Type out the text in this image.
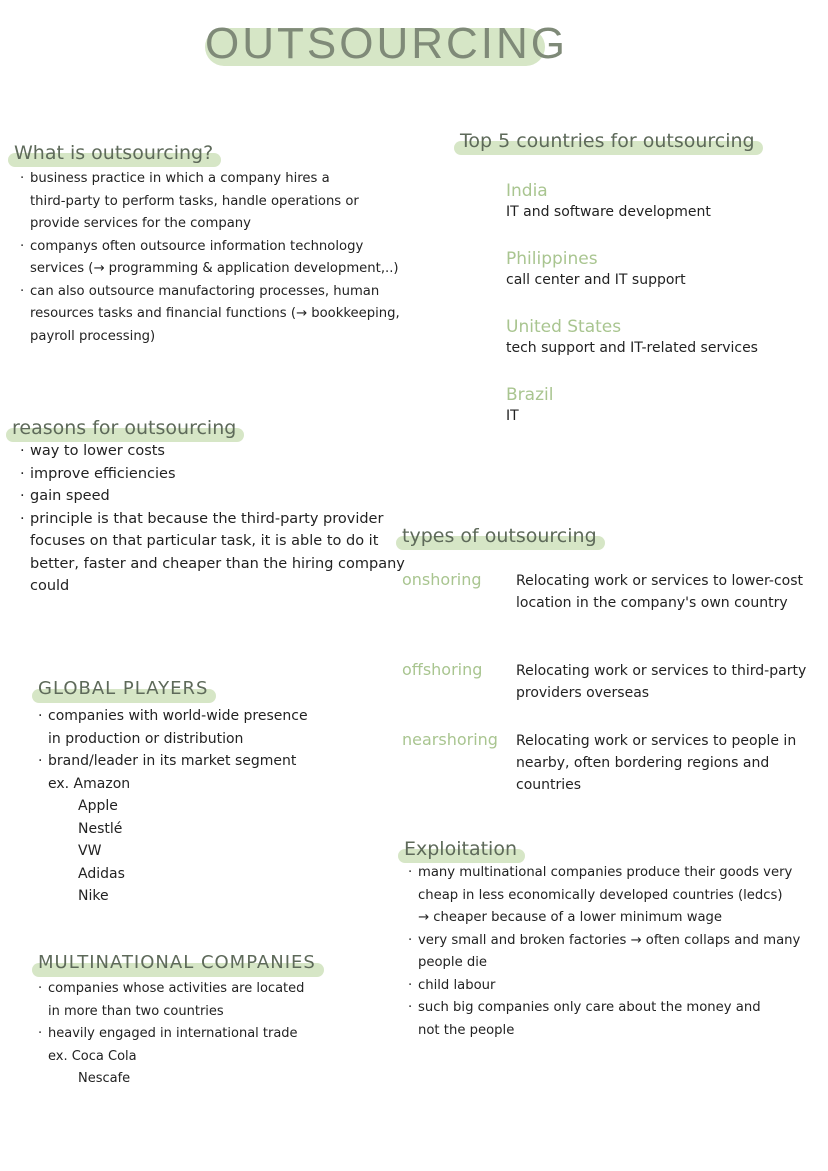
OUTSOURCING
What is outsourcing?
· business practice in which a company hires a
third-party to perform tasks, handle operations or
provide services for the company
· companys often outsource information technology
services (→ programming & application development,..)
· can also outsource manufactoring processes, human
resources tasks and financial functions (→ bookkeeping,
payroll processing)
reasons for outsourcing
· way to lower costs
· improve efficiencies
· gain speed
· principle is that because the third-party provider
focuses on that particular task, it is able to do it
better, faster and cheaper than the hiring company
could
GLOBAL PLAYERS
· companies with world-wide presence
in production or distribution
· brand/leader in its market segment
ex. Amazon
Apple
Nestlé
VW
Adidas
Nike
MULTINATIONAL COMPANIES
· companies whose activities are located
in more than two countries
· heavily engaged in international trade
ex. Coca Cola
Nescafe
Top 5 countries for outsourcing
India
IT and software development
Philippines
call center and IT support
United States
tech support and IT-related services
Brazil
IT
types of outsourcing
onshoring Relocating work or services to lower-cost location in the company's own country
offshoring Relocating work or services to third-party providers overseas
nearshoring Relocating work or services to people in nearby, often bordering regions and countries
Exploitation
· many multinational companies produce their goods very
cheap in less economically developed countries (ledcs)
→ cheaper because of a lower minimum wage
· very small and broken factories → often collaps and many
people die
· child labour
· such big companies only care about the money and
not the people
